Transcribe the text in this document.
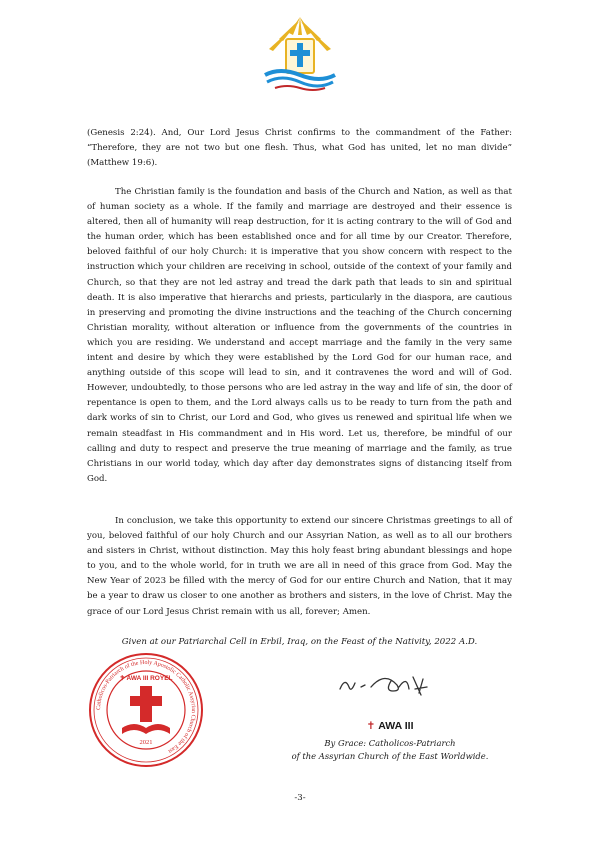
(Genesis 2:24). And, Our Lord Jesus Christ confirms to the commandment of the Father: “Therefore, they are not two but one flesh. Thus, what God has united, let no man divide” (Matthew 19:6).

The Christian family is the foundation and basis of the Church and Nation, as well as that of human society as a whole. If the family and marriage are destroyed and their essence is altered, then all of humanity will reap destruction, for it is acting contrary to the will of God and the human order, which has been established once and for all time by our Creator. Therefore, beloved faithful of our holy Church: it is imperative that you show concern with respect to the instruction which your children are receiving in school, outside of the context of your family and Church, so that they are not led astray and tread the dark path that leads to sin and spiritual death. It is also imperative that hierarchs and priests, particularly in the diaspora, are cautious in preserving and promoting the divine instructions and the teaching of the Church concerning Christian morality, without alteration or influence from the governments of the countries in which you are residing. We understand and accept marriage and the family in the very same intent and desire by which they were established by the Lord God for our human race, and anything outside of this scope will lead to sin, and it contravenes the word and will of God. However, undoubtedly, to those persons who are led astray in the way and life of sin, the door of repentance is open to them, and the Lord always calls us to be ready to turn from the path and dark works of sin to Christ, our Lord and God, who gives us renewed and spiritual life when we remain steadfast in His commandment and in His word. Let us, therefore, be mindful of our calling and duty to respect and preserve the true meaning of marriage and the family, as true Christians in our world today, which day after day demonstrates signs of distancing itself from God.

In conclusion, we take this opportunity to extend our sincere Christmas greetings to all of you, beloved faithful of our holy Church and our Assyrian Nation, as well as to all our brothers and sisters in Christ, without distinction. May this holy feast bring abundant blessings and hope to you, and to the whole world, for in truth we are all in need of this grace from God. May the New Year of 2023 be filled with the mercy of God for our entire Church and Nation, that it may be a year to draw us closer to one another as brothers and sisters, in the love of Christ. May the grace of our Lord Jesus Christ remain with us all, forever; Amen.

Given at our Patriarchal Cell in Erbil, Iraq, on the Feast of the Nativity, 2022 A.D.

Catholicos-Patriarch of the Holy Apostolic Catholic Assyrian Church of the East
✝ AWA III ROYEL
2021
✝ AWA III
By Grace: Catholicos-Patriarch
of the Assyrian Church of the East Worldwide.
-3-
